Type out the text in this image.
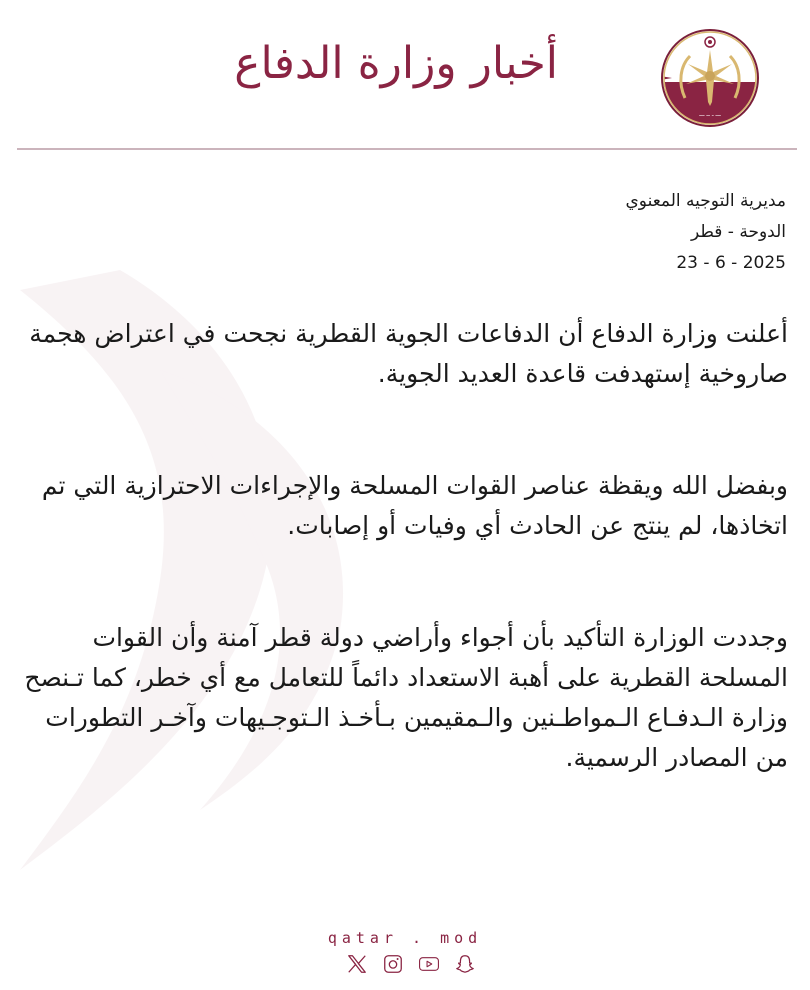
ـــ ـ ــ ـــ
أخبار وزارة الدفاع
مديرية التوجيه المعنوي
الدوحة - قطر
2025 - 6 - 23

أعلنت وزارة الدفاع أن الدفاعات الجوية القطرية نجحت في اعتراض هجمة صاروخية إستهدفت قاعدة العديد الجوية.

وبفضل الله ويقظة عناصر القوات المسلحة والإجراءات الاحترازية التي تم اتخاذها، لم ينتج عن الحادث أي وفيات أو إصابات.

وجددت الوزارة التأكيد بأن أجواء وأراضي دولة قطر آمنة وأن القوات المسلحة القطرية على أهبة الاستعداد دائماً للتعامل مع أي خطر، كما تـنصح وزارة الـدفـاع الـمواطـنين والـمقيمين بـأخـذ الـتوجـيهات وآخـر التطورات من المصادر الرسمية.

qatar . mod
